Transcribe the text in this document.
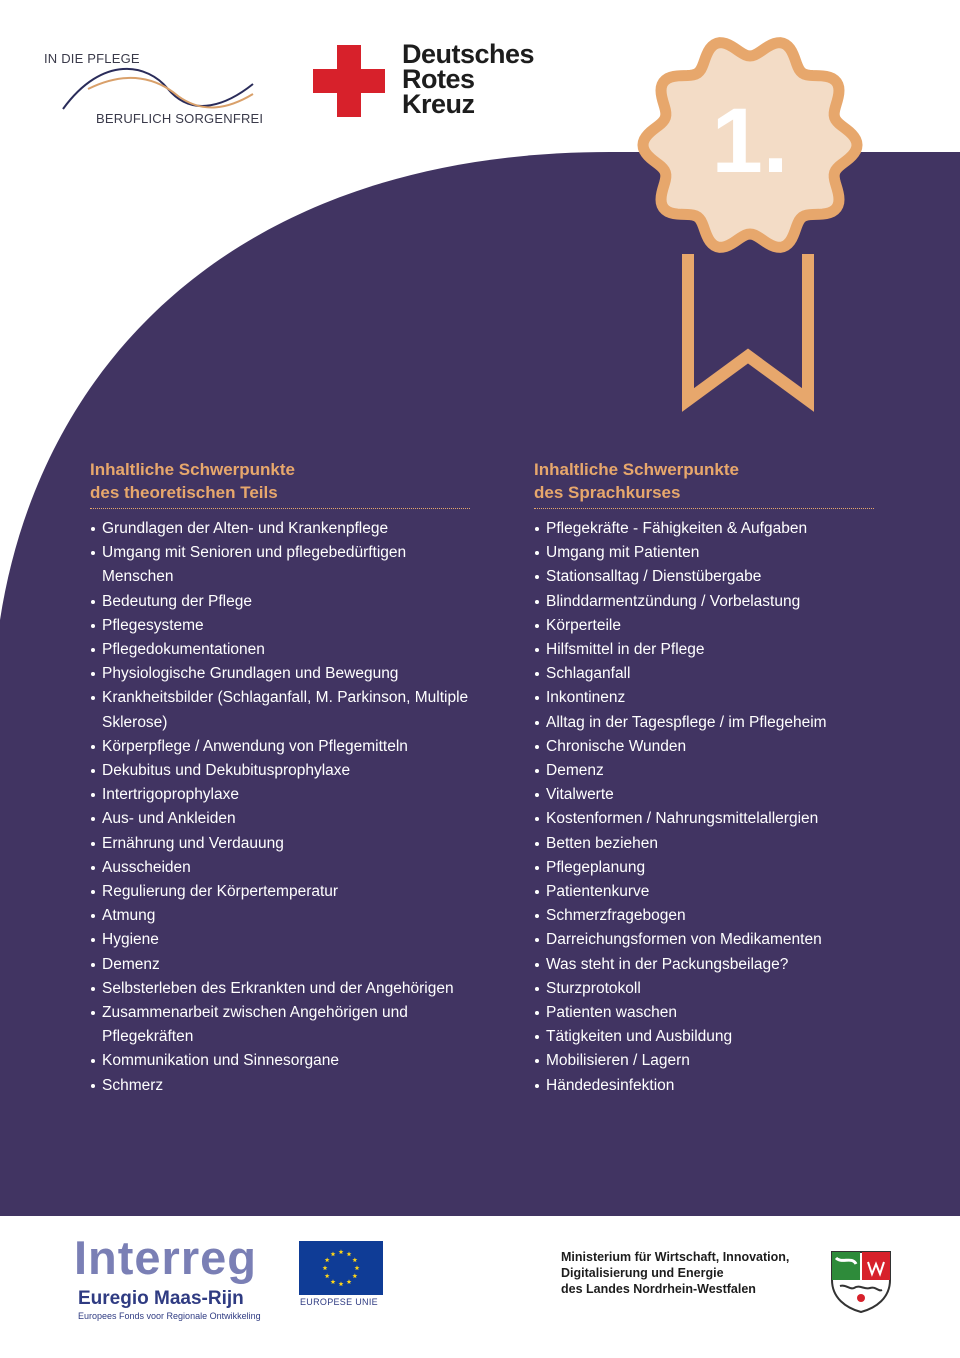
IN DIE PFLEGE
BERUFLICH SORGENFREI
Deutsches
Rotes
Kreuz	1.
Inhaltliche Schwerpunkte
des theoretischen Teils
Grundlagen der Alten- und Krankenpflege
Umgang mit Senioren und pflegebedürftigen Menschen
Bedeutung der Pflege
Pflegesysteme
Pflegedokumentationen
Physiologische Grundlagen und Bewegung
Krankheitsbilder (Schlaganfall, M. Parkinson, Multiple Sklerose)
Körperpflege / Anwendung von Pflegemitteln
Dekubitus und Dekubitusprophylaxe
Intertrigoprophylaxe
Aus- und Ankleiden
Ernährung und Verdauung
Ausscheiden
Regulierung der Körpertemperatur
Atmung
Hygiene
Demenz
Selbsterleben des Erkrankten und der Angehörigen
Zusammenarbeit zwischen Angehörigen und Pflegekräften
Kommunikation und Sinnesorgane
Schmerz
Inhaltliche Schwerpunkte
des Sprachkurses
Pflegekräfte - Fähigkeiten & Aufgaben
Umgang mit Patienten
Stationsalltag / Dienstübergabe
Blinddarmentzündung / Vorbelastung
Körperteile
Hilfsmittel in der Pflege
Schlaganfall
Inkontinenz
Alltag in der Tagespflege / im Pflegeheim
Chronische Wunden
Demenz
Vitalwerte
Kostenformen / Nahrungsmittelallergien
Betten beziehen
Pflegeplanung
Patientenkurve
Schmerzfragebogen
Darreichungsformen von Medikamenten
Was steht in der Packungsbeilage?
Sturzprotokoll
Patienten waschen
Tätigkeiten und Ausbildung
Mobilisieren / Lagern
Händedesinfektion
Interreg
Euregio Maas-Rijn
Europees Fonds voor Regionale Ontwikkeling
EUROPESE UNIE
Ministerium für Wirtschaft, Innovation,
Digitalisierung und Energie
des Landes Nordrhein-Westfalen
